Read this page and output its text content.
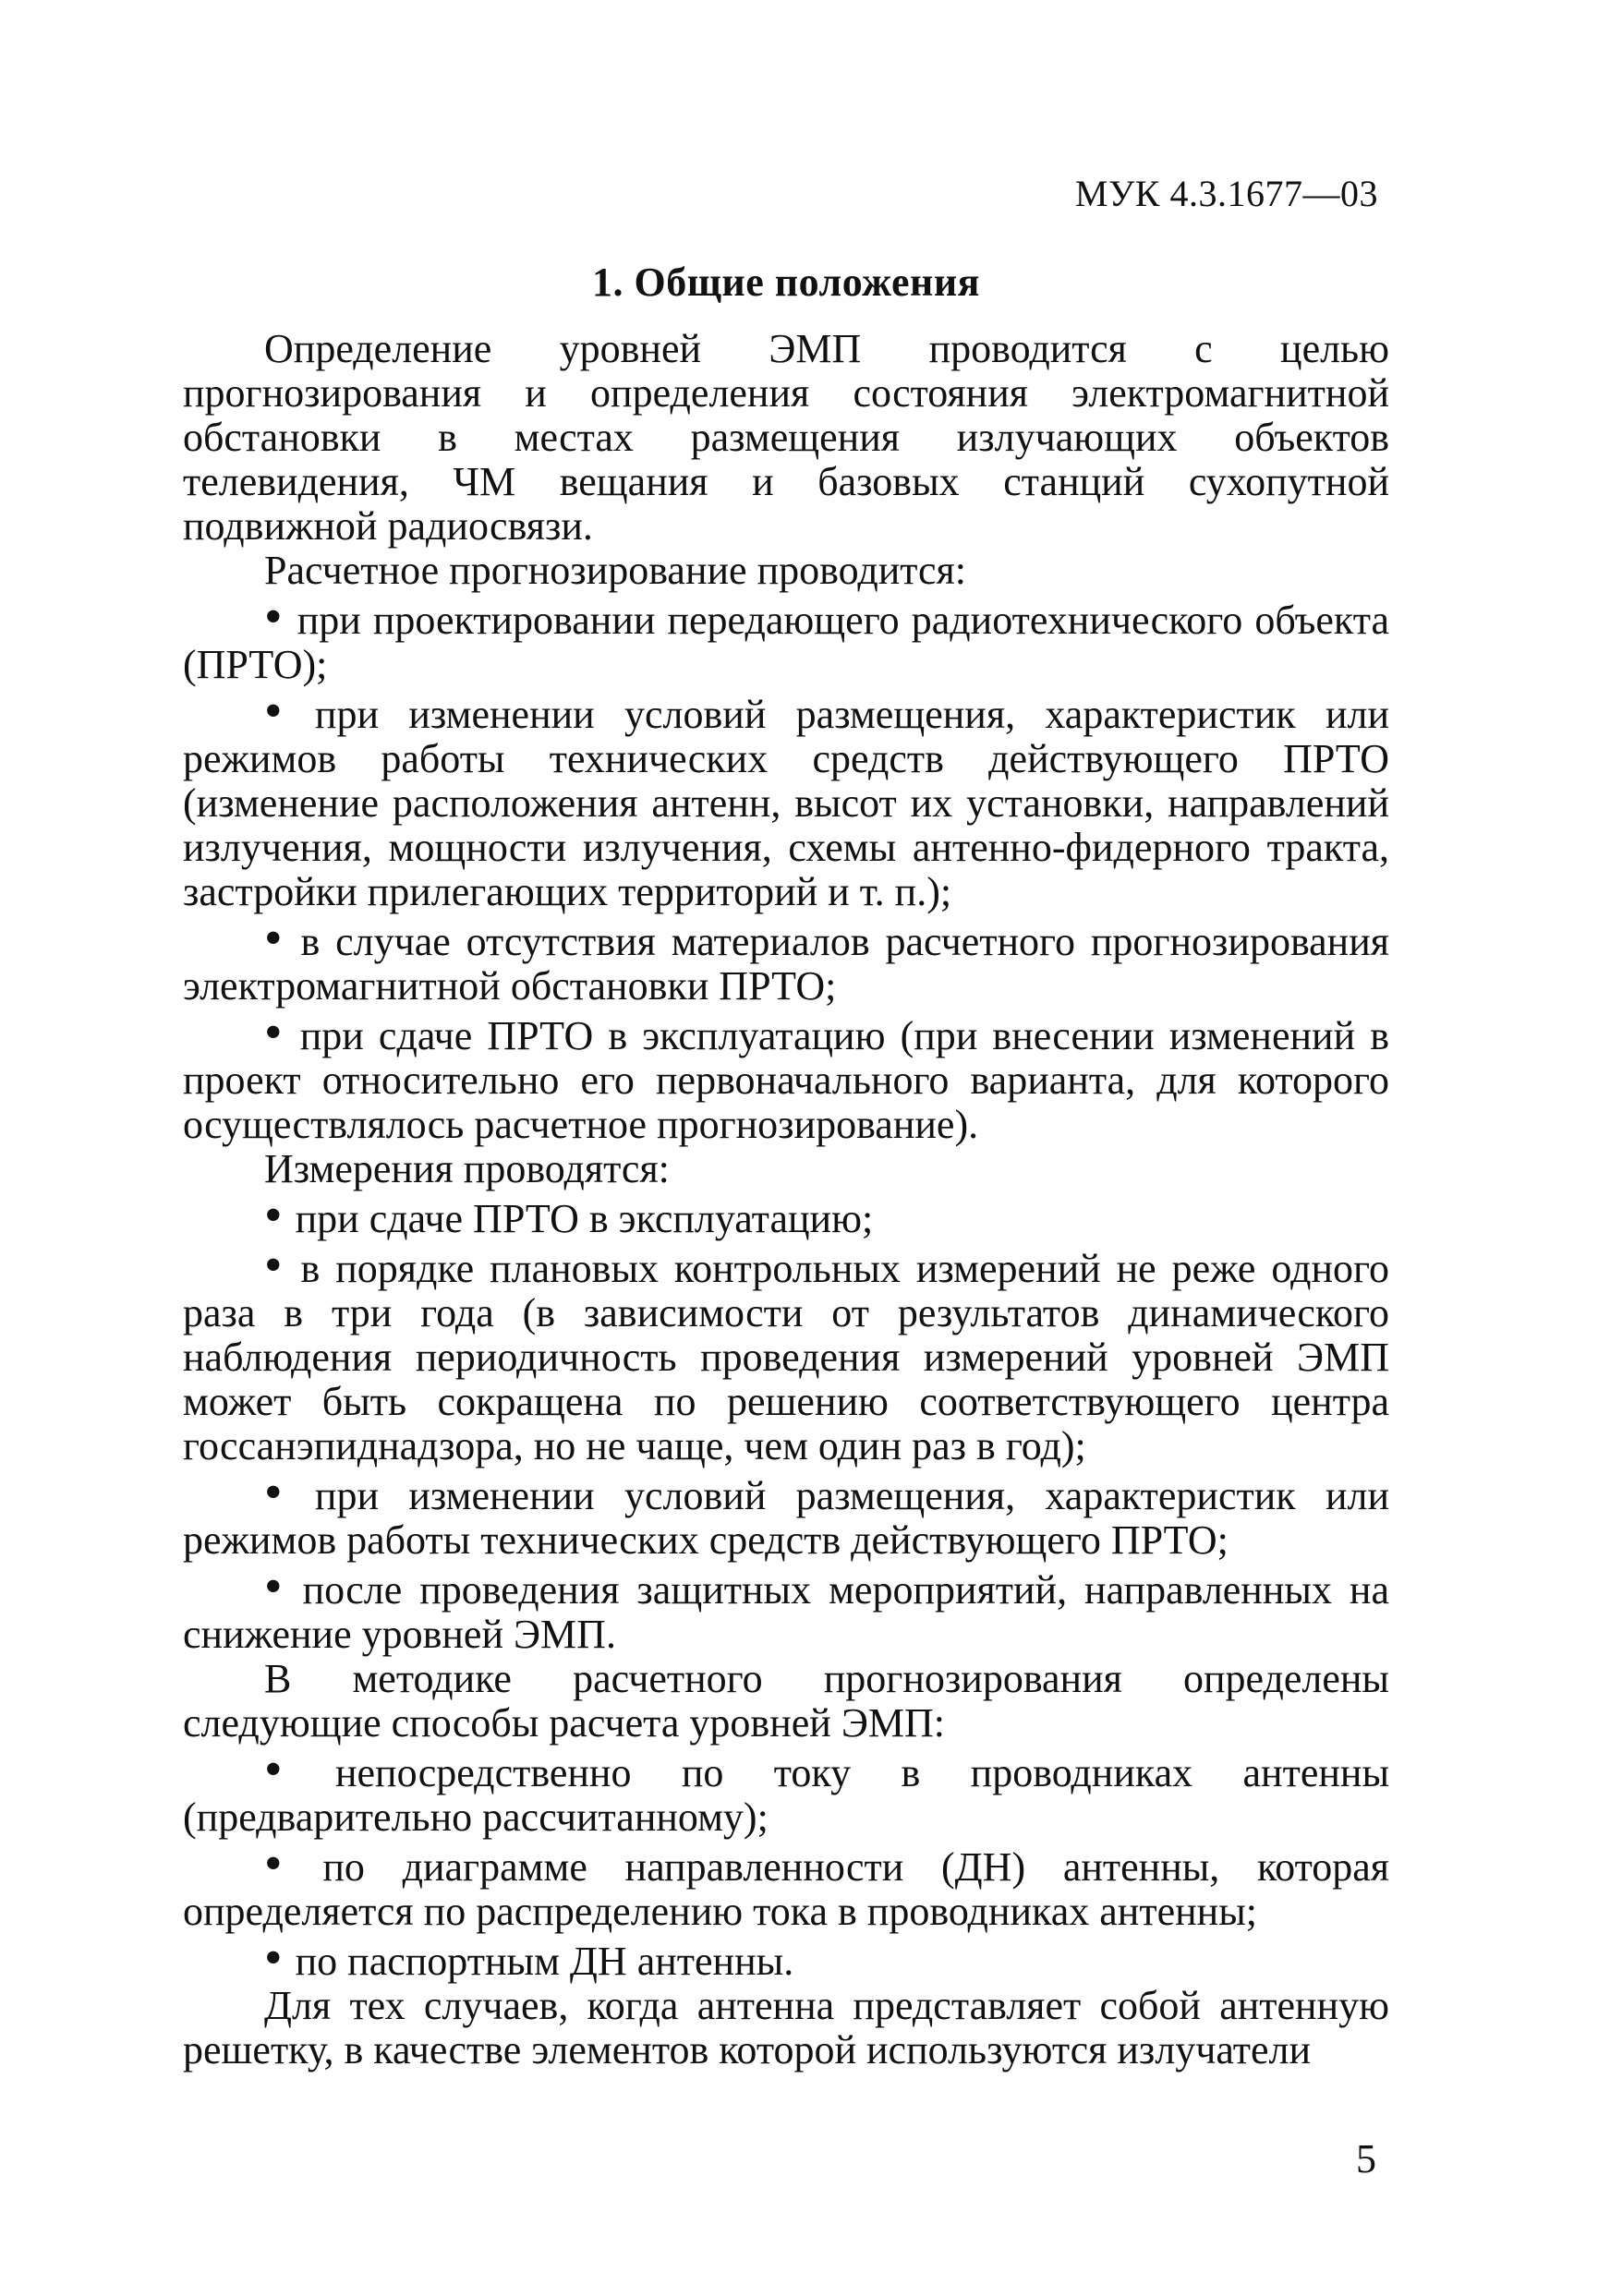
МУК 4.3.1677—03
1. Общие положения

Определение уровней ЭМП проводится с целью прогнозирования и определения состояния электромагнитной обстановки в местах размещения излучающих объектов телевидения, ЧМ вещания и базовых станций сухопутной подвижной радиосвязи.

Расчетное прогнозирование проводится:

• при проектировании передающего радиотехнического объекта (ПРТО);

• при изменении условий размещения, характеристик или режимов работы технических средств действующего ПРТО (изменение расположения антенн, высот их установки, направлений излучения, мощности излучения, схемы антенно-фидерного тракта, застройки прилегающих территорий и т. п.);

• в случае отсутствия материалов расчетного прогнозирования электромагнитной обстановки ПРТО;

• при сдаче ПРТО в эксплуатацию (при внесении изменений в проект относительно его первоначального варианта, для которого осуществлялось расчетное прогнозирование).

Измерения проводятся:

• при сдаче ПРТО в эксплуатацию;

• в порядке плановых контрольных измерений не реже одного раза в три года (в зависимости от результатов динамического наблюдения периодичность проведения измерений уровней ЭМП может быть сокращена по решению соответствующего центра госсанэпиднадзора, но не чаще, чем один раз в год);

• при изменении условий размещения, характеристик или режимов работы технических средств действующего ПРТО;

• после проведения защитных мероприятий, направленных на снижение уровней ЭМП.

В методике расчетного прогнозирования определены следующие способы расчета уровней ЭМП:

• непосредственно по току в проводниках антенны (предварительно рассчитанному);

• по диаграмме направленности (ДН) антенны, которая определяется по распределению тока в проводниках антенны;

• по паспортным ДН антенны.

Для тех случаев, когда антенна представляет собой антенную решетку, в качестве элементов которой используются излучатели

5
